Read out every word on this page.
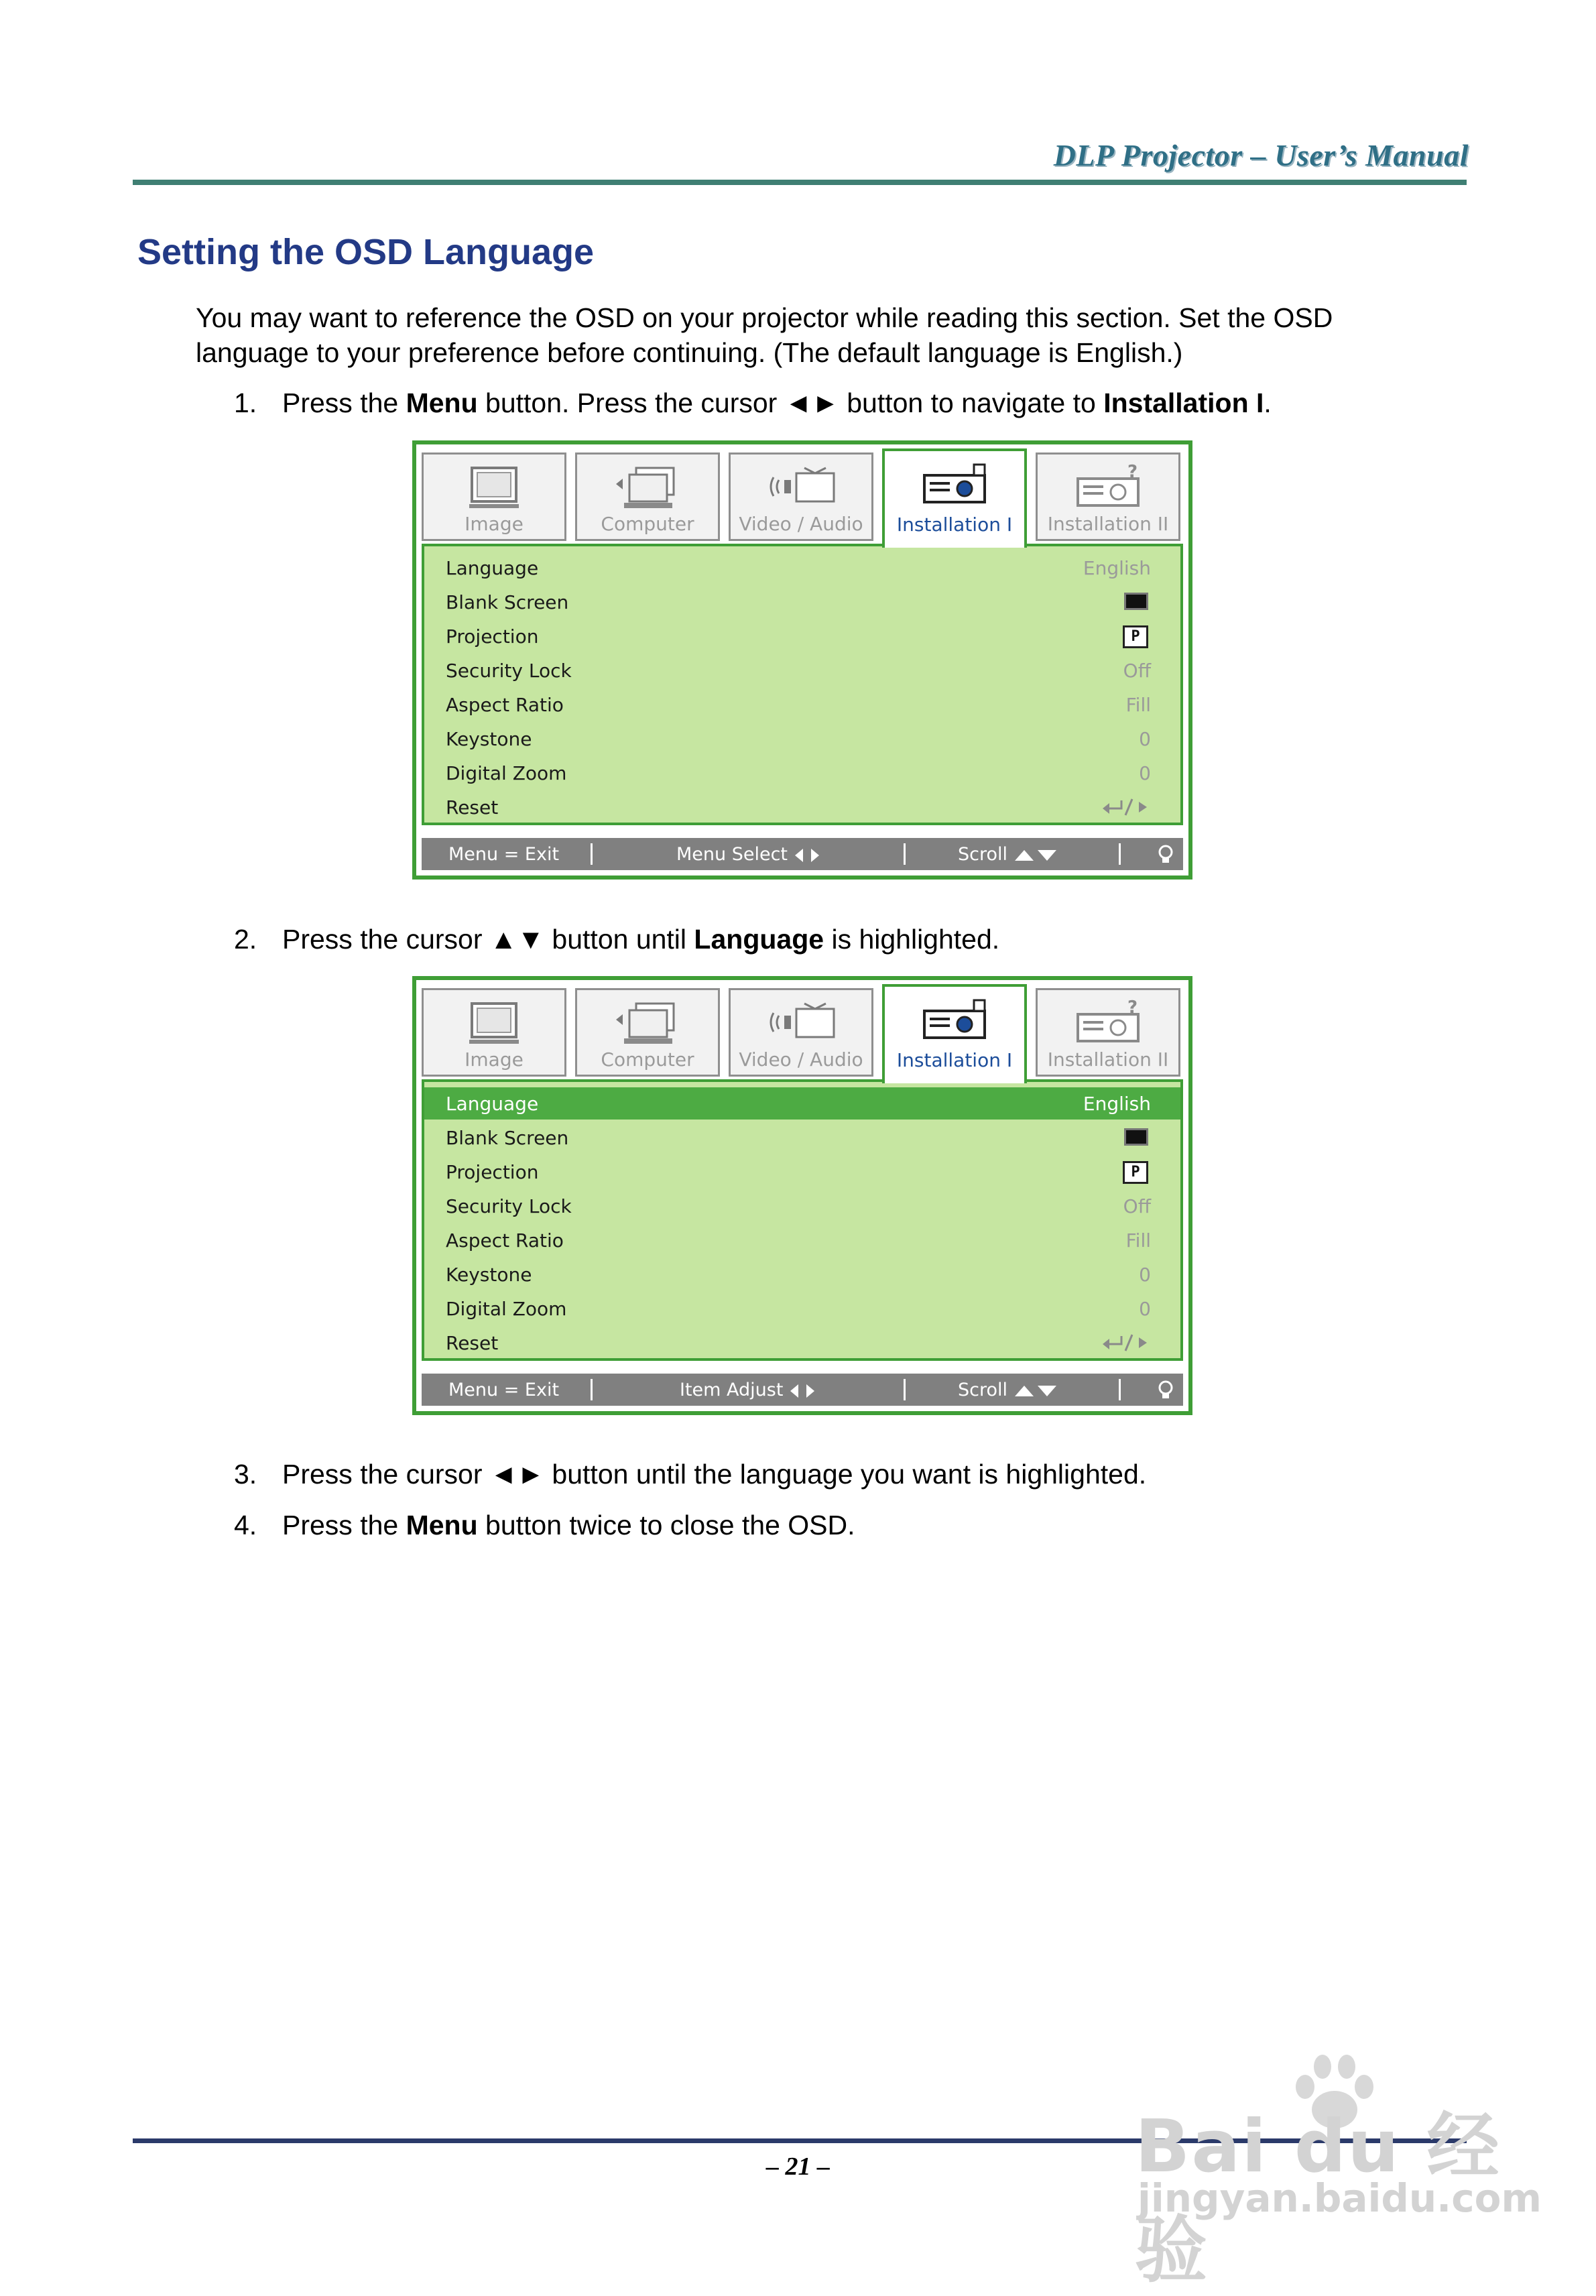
DLP Projector – User’s Manual
Setting the OSD Language

You may want to reference the OSD on your projector while reading this section. Set the OSD language to your preference before continuing. (The default language is English.)

1. Press the Menu button. Press the cursor ◄► button to navigate to Installation I.
Image	Computer	Video / Audio	Installation I
?
Installation II
Language	English
Blank Screen
Projection	P
Security Lock	Off
Aspect Ratio	Fill
Keystone	0
Digital Zoom	0
Reset
Menu = Exit	Menu Select	Scroll
2. Press the cursor ▲▼ button until Language is highlighted.
Image	Computer	Video / Audio	Installation I
?
Installation II
Language	English
Blank Screen
Projection	P
Security Lock	Off
Aspect Ratio	Fill
Keystone	0
Digital Zoom	0
Reset
Menu = Exit	Item Adjust	Scroll
3. Press the cursor ◄► button until the language you want is highlighted.
4. Press the Menu button twice to close the OSD.
– 21 –	Bai du 经验
jingyan.baidu.com
